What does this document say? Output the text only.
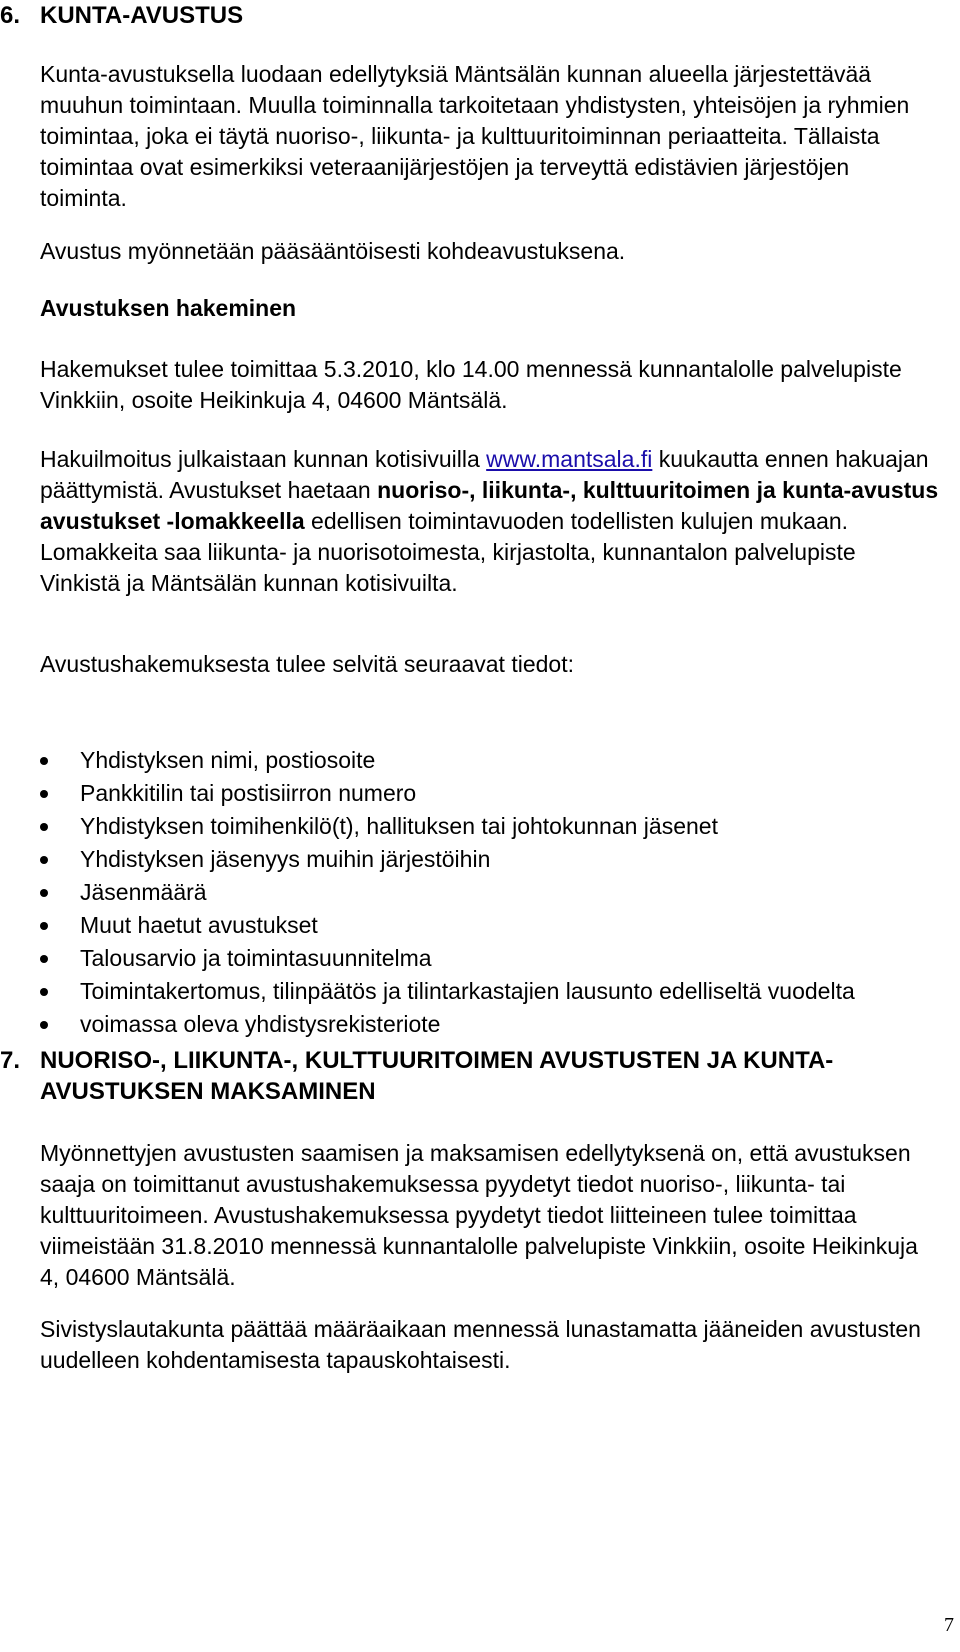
6. KUNTA-AVUSTUS

Kunta-avustuksella luodaan edellytyksiä Mäntsälän kunnan alueella järjestettävää muuhun toimintaan. Muulla toiminnalla tarkoitetaan yhdistysten, yhteisöjen ja ryhmien toimintaa, joka ei täytä nuoriso-, liikunta- ja kulttuuritoiminnan periaatteita. Tällaista toimintaa ovat esimerkiksi veteraanijärjestöjen ja terveyttä edistävien järjestöjen toiminta.

Avustus myönnetään pääsääntöisesti kohdeavustuksena.

Avustuksen hakeminen

Hakemukset tulee toimittaa 5.3.2010, klo 14.00 mennessä kunnantalolle palvelupiste Vinkkiin, osoite Heikinkuja 4, 04600 Mäntsälä.

Hakuilmoitus julkaistaan kunnan kotisivuilla www.mantsala.fi kuukautta ennen hakuajan päättymistä. Avustukset haetaan nuoriso-, liikunta-, kulttuuritoimen ja kunta-avustus avustukset -lomakkeella edellisen toimintavuoden todellisten kulujen mukaan. Lomakkeita saa liikunta- ja nuorisotoimesta, kirjastolta, kunnantalon palvelupiste Vinkistä ja Mäntsälän kunnan kotisivuilta.

Avustushakemuksesta tulee selvitä seuraavat tiedot:

Yhdistyksen nimi, postiosoite
Pankkitilin tai postisiirron numero
Yhdistyksen toimihenkilö(t), hallituksen tai johtokunnan jäsenet
Yhdistyksen jäsenyys muihin järjestöihin
Jäsenmäärä
Muut haetut avustukset
Talousarvio ja toimintasuunnitelma
Toimintakertomus, tilinpäätös ja tilintarkastajien lausunto edelliseltä vuodelta
voimassa oleva yhdistysrekisteriote
7. NUORISO-, LIIKUNTA-, KULTTUURITOIMEN AVUSTUSTEN JA KUNTA-AVUSTUKSEN MAKSAMINEN

Myönnettyjen avustusten saamisen ja maksamisen edellytyksenä on, että avustuksen saaja on toimittanut avustushakemuksessa pyydetyt tiedot nuoriso-, liikunta- tai kulttuuritoimeen. Avustushakemuksessa pyydetyt tiedot liitteineen tulee toimittaa viimeistään 31.8.2010 mennessä kunnantalolle palvelupiste Vinkkiin, osoite Heikinkuja 4, 04600 Mäntsälä.

Sivistyslautakunta päättää määräaikaan mennessä lunastamatta jääneiden avustusten uudelleen kohdentamisesta tapauskohtaisesti.

7
